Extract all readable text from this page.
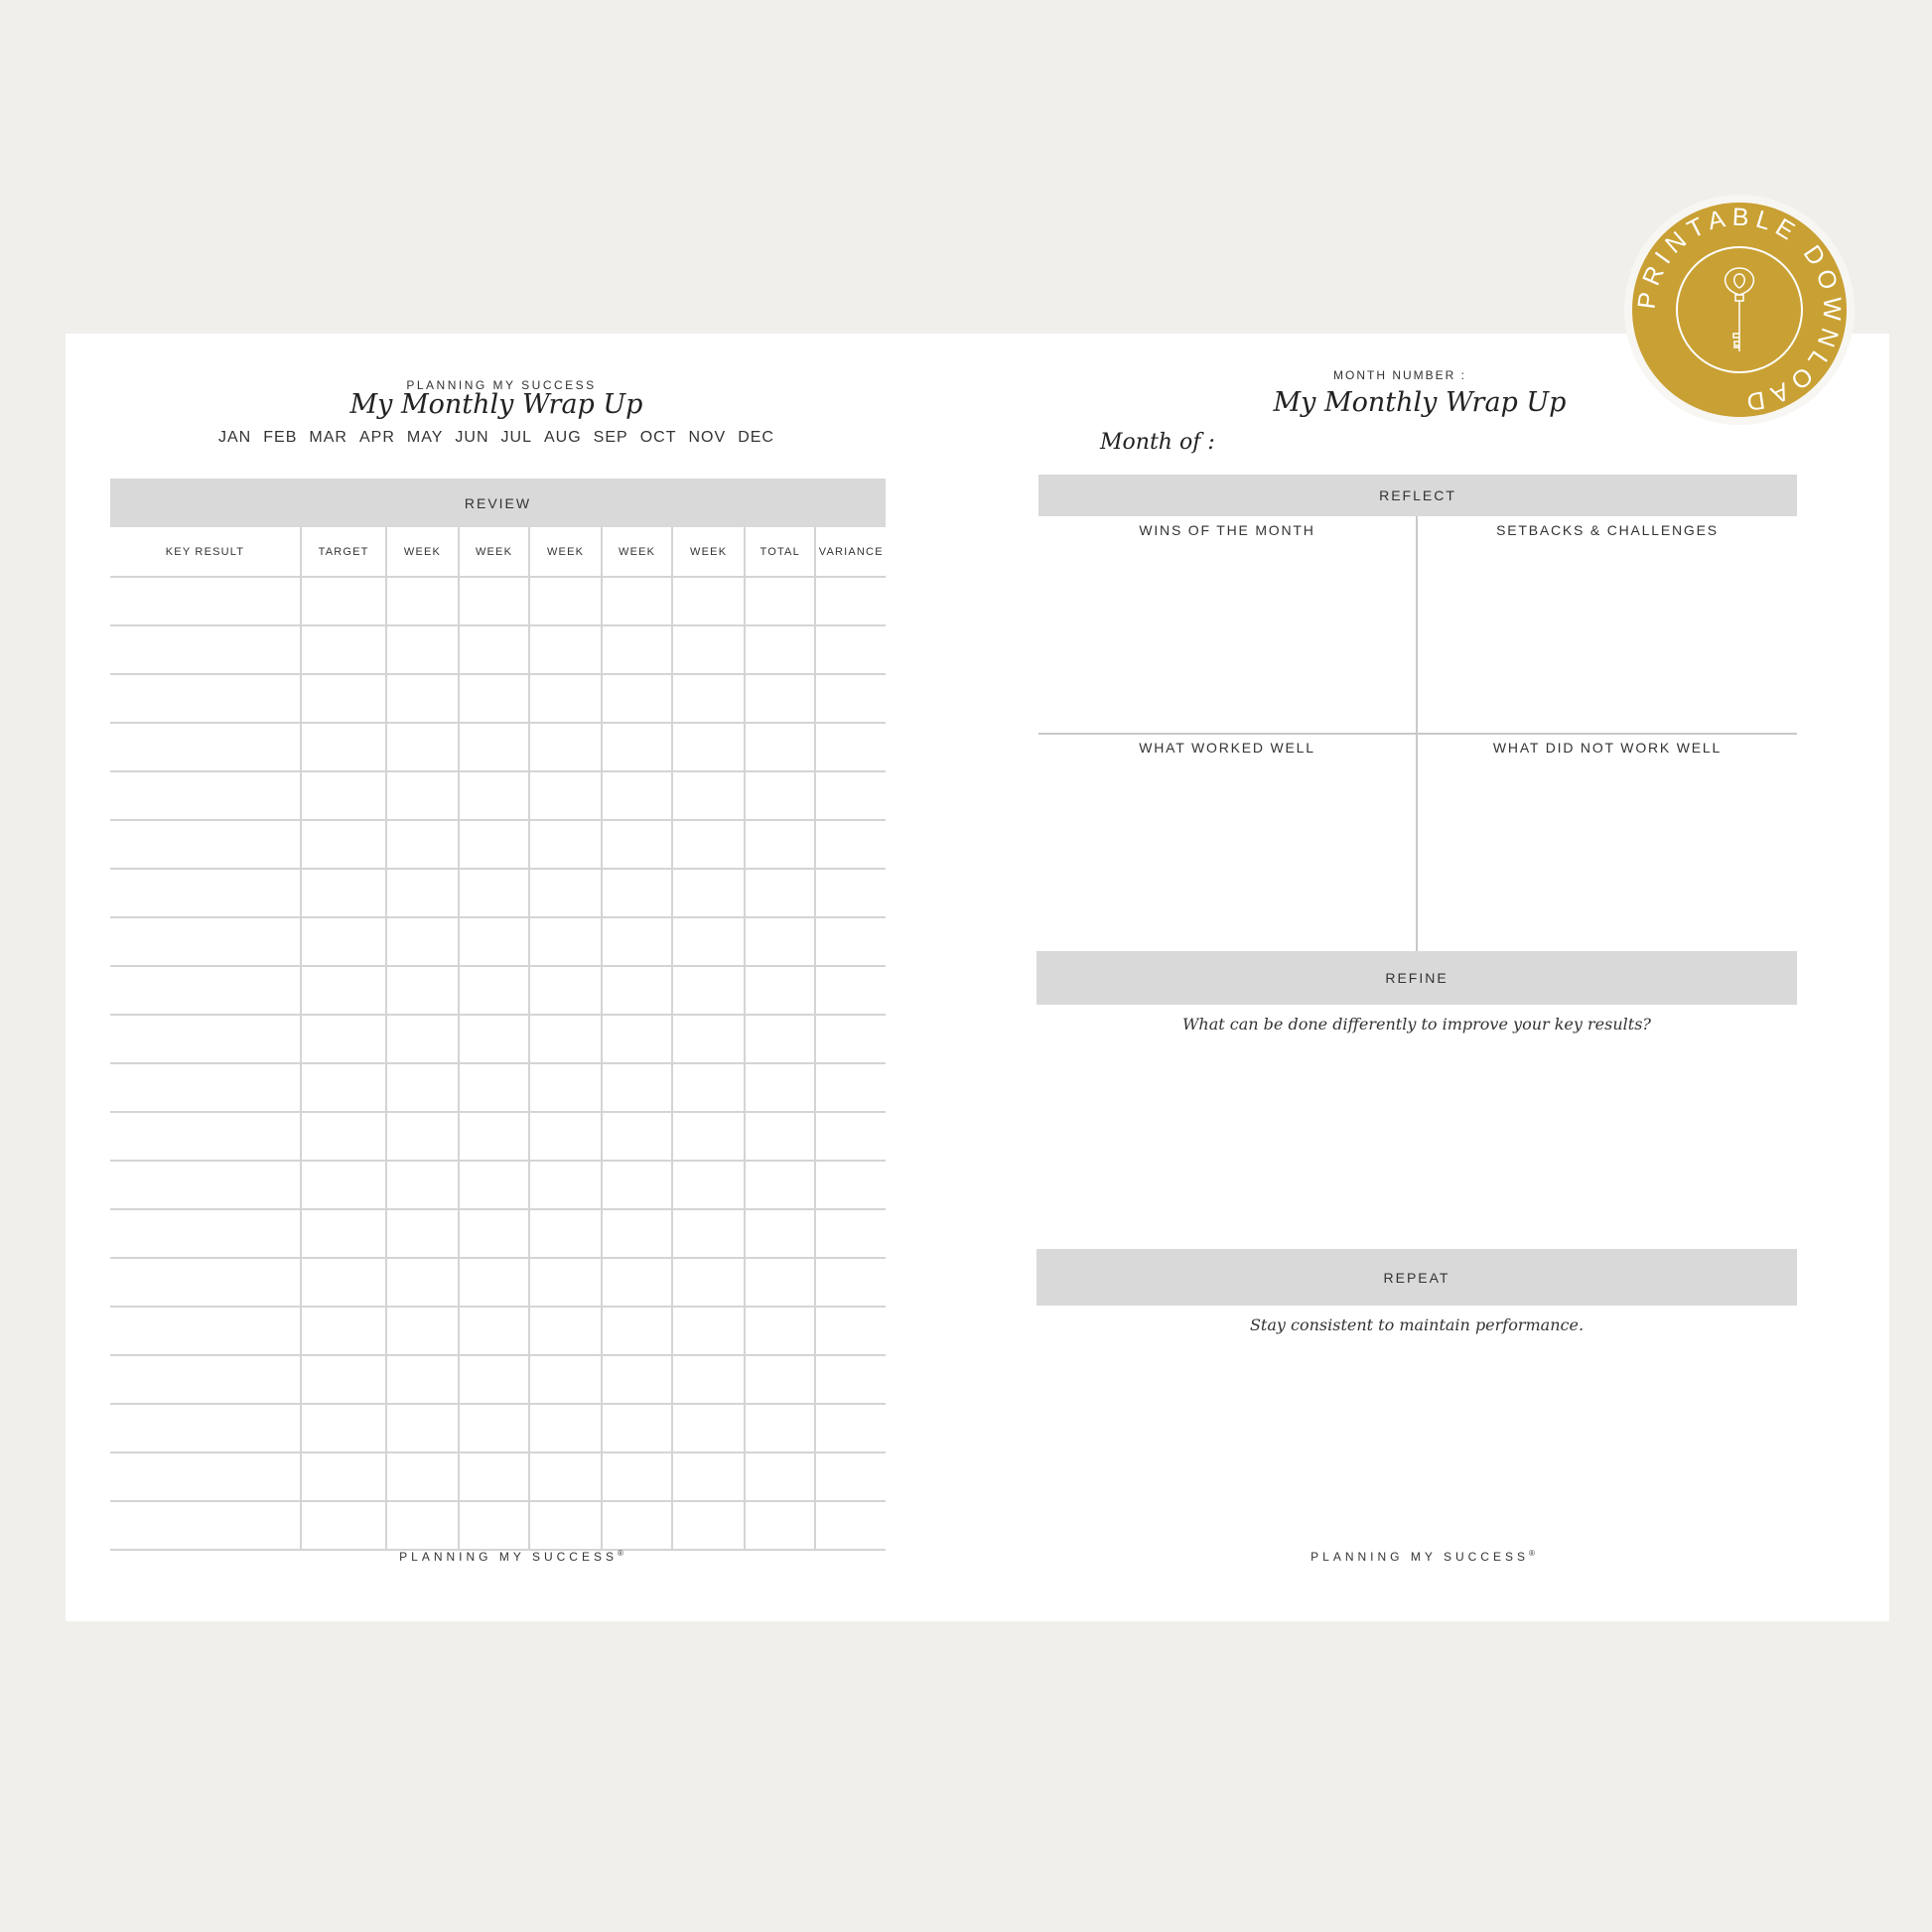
PLANNING MY SUCCESS
My Monthly Wrap Up
JAN FEB MAR APR MAY JUN JUL AUG SEP OCT NOV DEC
REVIEW
KEY RESULT	TARGET	WEEK	WEEK	WEEK	WEEK	WEEK	TOTAL	VARIANCE
PLANNING MY SUCCESS®
MONTH NUMBER :
My Monthly Wrap Up
Month of :
REFLECT
WINS OF THE MONTH	SETBACKS & CHALLENGES
WHAT WORKED WELL	WHAT DID NOT WORK WELL
REFINE
What can be done differently to improve your key results?
REPEAT
Stay consistent to maintain performance.
PLANNING MY SUCCESS®
PRINTABLE DOWNLOAD
